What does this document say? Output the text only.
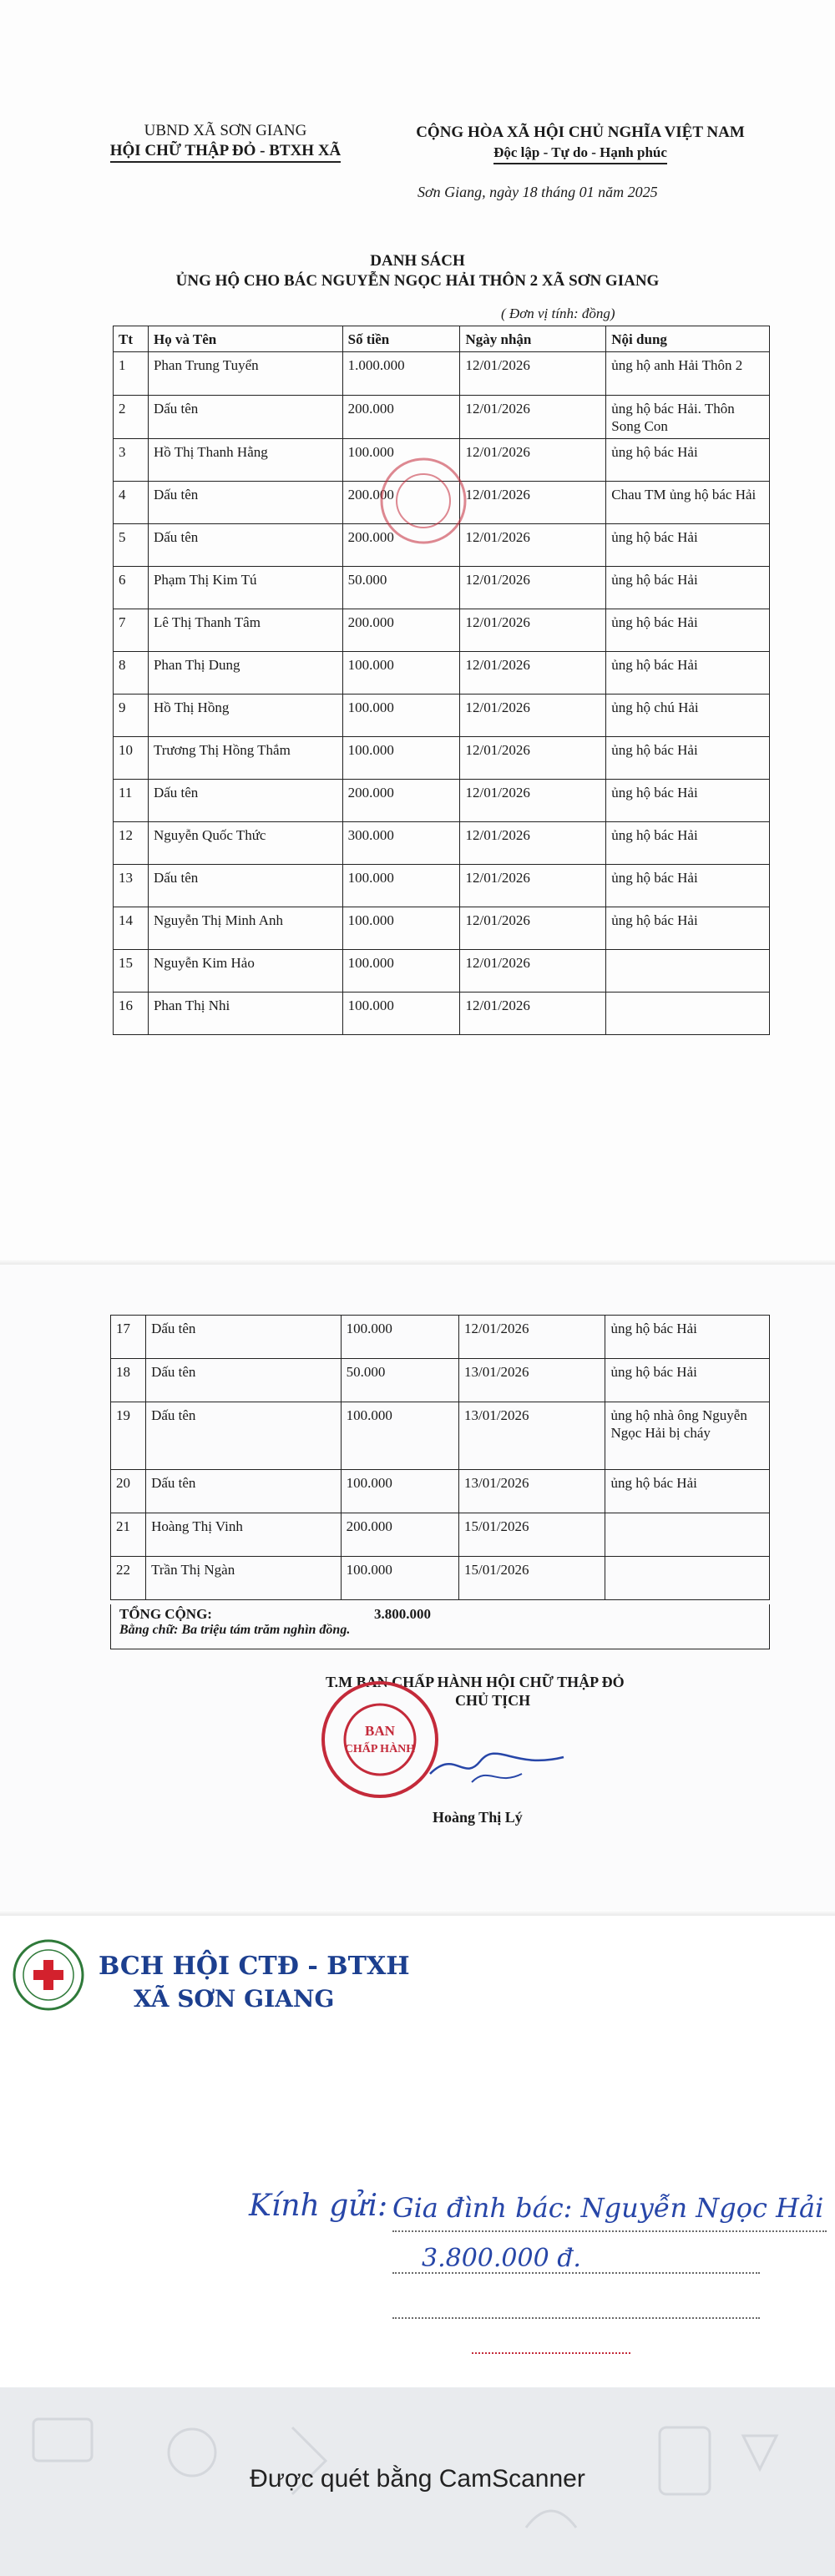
UBND XÃ SƠN GIANG
HỘI CHỮ THẬP ĐỎ - BTXH XÃ
CỘNG HÒA XÃ HỘI CHỦ NGHĨA VIỆT NAM
Độc lập - Tự do - Hạnh phúc
Sơn Giang, ngày 18 tháng 01 năm 2025
DANH SÁCH
ỦNG HỘ CHO BÁC NGUYỄN NGỌC HẢI THÔN 2 XÃ SƠN GIANG
( Đơn vị tính: đồng)
Tt	Họ và Tên	Số tiền	Ngày nhận	Nội dung
1	Phan Trung Tuyển	1.000.000	12/01/2026	ủng hộ anh Hải Thôn 2
2	Dấu tên	200.000	12/01/2026	ủng hộ bác Hải. Thôn Song Con
3	Hồ Thị Thanh Hằng	100.000	12/01/2026	ủng hộ bác Hải
4	Dấu tên	200.000	12/01/2026	Chau TM ủng hộ bác Hải
5	Dấu tên	200.000	12/01/2026	ủng hộ bác Hải
6	Phạm Thị Kim Tú	50.000	12/01/2026	ủng hộ bác Hải
7	Lê Thị Thanh Tâm	200.000	12/01/2026	ủng hộ bác Hải
8	Phan Thị Dung	100.000	12/01/2026	ủng hộ bác Hải
9	Hồ Thị Hồng	100.000	12/01/2026	ủng hộ chú Hải
10	Trương Thị Hồng Thắm	100.000	12/01/2026	ủng hộ bác Hải
11	Dấu tên	200.000	12/01/2026	ủng hộ bác Hải
12	Nguyễn Quốc Thức	300.000	12/01/2026	ủng hộ bác Hải
13	Dấu tên	100.000	12/01/2026	ủng hộ bác Hải
14	Nguyễn Thị Minh Anh	100.000	12/01/2026	ủng hộ bác Hải
15	Nguyễn Kim Hảo	100.000	12/01/2026	
16	Phan Thị Nhi	100.000	12/01/2026	
17	Dấu tên	100.000	12/01/2026	ủng hộ bác Hải
18	Dấu tên	50.000	13/01/2026	ủng hộ bác Hải
19	Dấu tên	100.000	13/01/2026	ủng hộ nhà ông Nguyễn Ngọc Hải bị cháy
20	Dấu tên	100.000	13/01/2026	ủng hộ bác Hải
21	Hoàng Thị Vinh	200.000	15/01/2026	
22	Trần Thị Ngàn	100.000	15/01/2026	
TỔNG CỘNG:	3.800.000
Bằng chữ: Ba triệu tám trăm nghìn đồng.
T.M BAN CHẤP HÀNH HỘI CHỮ THẬP ĐỎ
CHỦ TỊCH
BAN
CHẤP HÀNH
Hoàng Thị Lý
BCH HỘI CTĐ - BTXH
XÃ SƠN GIANG
Kính gửi: Gia đình bác: Nguyễn Ngọc Hải
3.800.000 đ.
Được quét bằng CamScanner
